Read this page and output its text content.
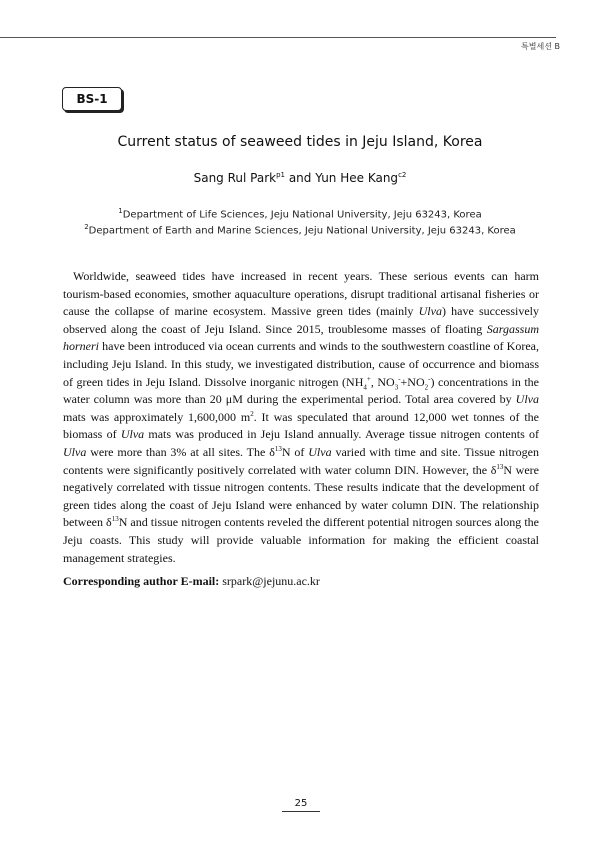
특별세션 B
BS-1
Current status of seaweed tides in Jeju Island, Korea
Sang Rul Park$^{p1}$ and Yun Hee Kang$^{c2}$
$^1$Department of Life Sciences, Jeju National University, Jeju 63243, Korea
$^2$Department of Earth and Marine Sciences, Jeju National University, Jeju 63243, Korea
Worldwide, seaweed tides have increased in recent years. These serious events can harm tourism-based economies, smother aquaculture operations, disrupt traditional artisanal fisheries or cause the collapse of marine ecosystem. Massive green tides (mainly Ulva) have successively observed along the coast of Jeju Island. Since 2015, troublesome masses of floating Sargassum horneri have been introduced via ocean currents and winds to the southwestern coastline of Korea, including Jeju Island. In this study, we investigated distribution, cause of occurrence and biomass of green tides in Jeju Island. Dissolve inorganic nitrogen ($NH_4^+$, $NO_3^-+NO_2^-$) concentrations in the water column was more than 20 μM during the experimental period. Total area covered by Ulva mats was approximately 1,600,000 $m^2$. It was speculated that around 12,000 wet tonnes of the biomass of Ulva mats was produced in Jeju Island annually. Average tissue nitrogen contents of Ulva were more than 3% at all sites. The $\delta^{13}N$ of Ulva varied with time and site. Tissue nitrogen contents were significantly positively correlated with water column DIN. However, the $\delta^{13}N$ were negatively correlated with tissue nitrogen contents. These results indicate that the development of green tides along the coast of Jeju Island were enhanced by water column DIN. The relationship between $\delta^{13}N$ and tissue nitrogen contents reveled the different potential nitrogen sources along the Jeju coasts. This study will provide valuable information for making the efficient coastal management strategies.
Corresponding author E-mail: srpark@jejunu.ac.kr
25
